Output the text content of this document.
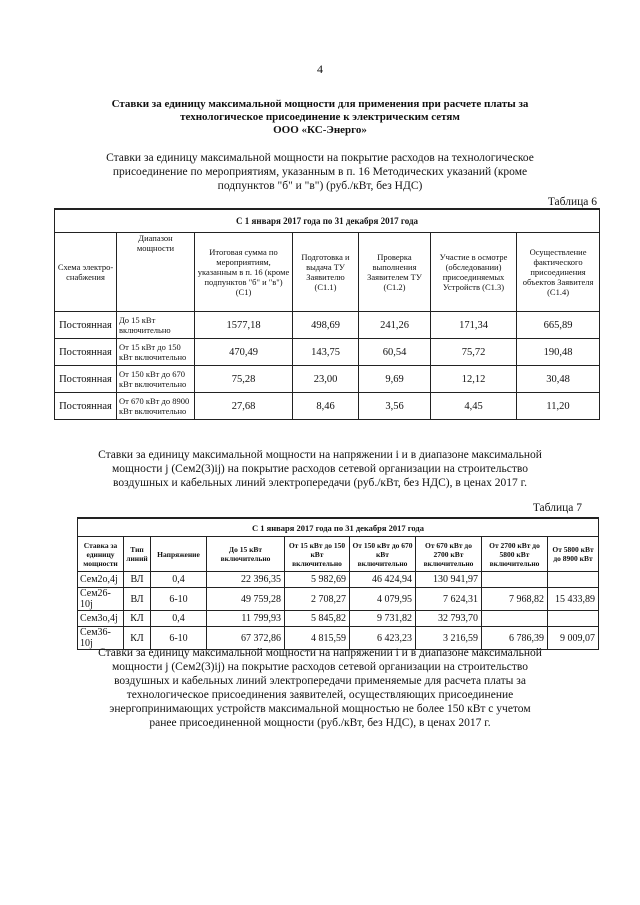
4
Ставки за единицу максимальной мощности для применения при расчете платы за
технологическое присоединение к электрическим сетям
ООО «КС-Энерго»
Ставки за единицу максимальной мощности на покрытие расходов на технологическое
присоединение по мероприятиям, указанным в п. 16 Методических указаний (кроме
подпунктов "б" и "в") (руб./кВт, без НДС)
Таблица 6
С 1 января 2017 года по 31 декабря 2017 года						
Схема электро-снабжения	Диапазон мощности	Итоговая сумма по мероприятиям, указанным в п. 16 (кроме подпунктов "б" и "в") (С1)	Подготовка и выдача ТУ Заявителю (С1.1)	Проверка выполнения Заявителем ТУ (С1.2)	Участие в осмотре (обследовании) присоединяемых Устройств (С1.3)	Осуществление фактического присоединения объектов Заявителя (С1.4)
Постоянная	До 15 кВт включительно	1577,18	498,69	241,26	171,34	665,89
Постоянная	От 15 кВт до 150 кВт включительно	470,49	143,75	60,54	75,72	190,48
Постоянная	От 150 кВт до 670 кВт включительно	75,28	23,00	9,69	12,12	30,48
Постоянная	От 670 кВт до 8900 кВт включительно	27,68	8,46	3,56	4,45	11,20
Ставки за единицу максимальной мощности на напряжении i и в диапазоне максимальной
мощности j (Сем2(3)ij) на покрытие расходов сетевой организации на строительство
воздушных и кабельных линий электропередачи (руб./кВт, без НДС), в ценах 2017 г.
Таблица 7
С 1 января 2017 года по 31 декабря 2017 года								
Ставка за единицу мощности	Тип линий	Напряжение	До 15 кВт включительно	От 15 кВт до 150 кВт включительно	От 150 кВт до 670 кВт включительно	От 670 кВт до 2700 кВт включительно	От 2700 кВт до 5800 кВт включительно	От 5800 кВт до 8900 кВт
Сем2о,4j	ВЛ	0,4	22 396,35	5 982,69	46 424,94	130 941,97		
Сем26-10j	ВЛ	6-10	49 759,28	2 708,27	4 079,95	7 624,31	7 968,82	15 433,89
Сем3о,4j	КЛ	0,4	11 799,93	5 845,82	9 731,82	32 793,70		
Сем36-10j	КЛ	6-10	67 372,86	4 815,59	6 423,23	3 216,59	6 786,39	9 009,07
Ставки за единицу максимальной мощности на напряжении i и в диапазоне максимальной
мощности j (Сем2(3)ij) на покрытие расходов сетевой организации на строительство
воздушных и кабельных линий электропередачи применяемые для расчета платы за
технологическое присоединения заявителей, осуществляющих присоединение
энергопринимающих устройств максимальной мощностью не более 150 кВт с учетом
ранее присоединенной мощности (руб./кВт, без НДС), в ценах 2017 г.
